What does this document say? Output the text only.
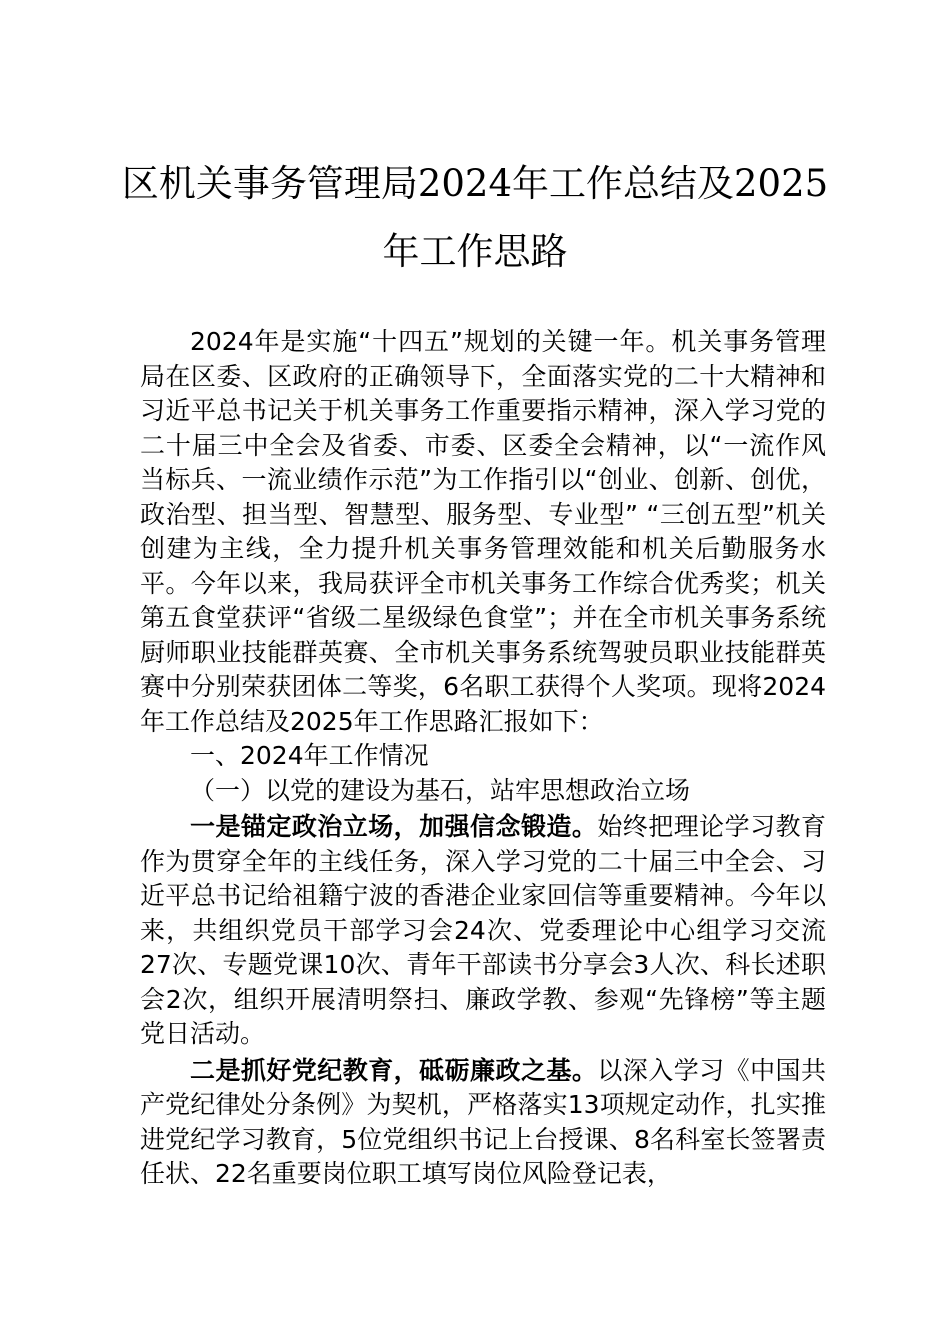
区机关事务管理局2024年工作总结及2025年工作思路

2024年是实施“十四五”规划的关键一年。机关事务管理局在区委、区政府的正确领导下，全面落实党的二十大精神和习近平总书记关于机关事务工作重要指示精神，深入学习党的二十届三中全会及省委、市委、区委全会精神，以“一流作风当标兵、一流业绩作示范”为工作指引以“创业、创新、创优，政治型、担当型、智慧型、服务型、专业型” “三创五型”机关创建为主线，全力提升机关事务管理效能和机关后勤服务水平。今年以来，我局获评全市机关事务工作综合优秀奖；机关第五食堂获评“省级二星级绿色食堂”；并在全市机关事务系统厨师职业技能群英赛、全市机关事务系统驾驶员职业技能群英赛中分别荣获团体二等奖，6名职工获得个人奖项。现将2024年工作总结及2025年工作思路汇报如下：

一、2024年工作情况

（一）以党的建设为基石，站牢思想政治立场

一是锚定政治立场，加强信念锻造。始终把理论学习教育作为贯穿全年的主线任务，深入学习党的二十届三中全会、习近平总书记给祖籍宁波的香港企业家回信等重要精神。今年以来，共组织党员干部学习会24次、党委理论中心组学习交流27次、专题党课10次、青年干部读书分享会3人次、科长述职会2次，组织开展清明祭扫、廉政学教、参观“先锋榜”等主题党日活动。

二是抓好党纪教育，砥砺廉政之基。以深入学习《中国共产党纪律处分条例》为契机，严格落实13项规定动作，扎实推进党纪学习教育，5位党组织书记上台授课、8名科室长签署责任状、22名重要岗位职工填写岗位风险登记表，
